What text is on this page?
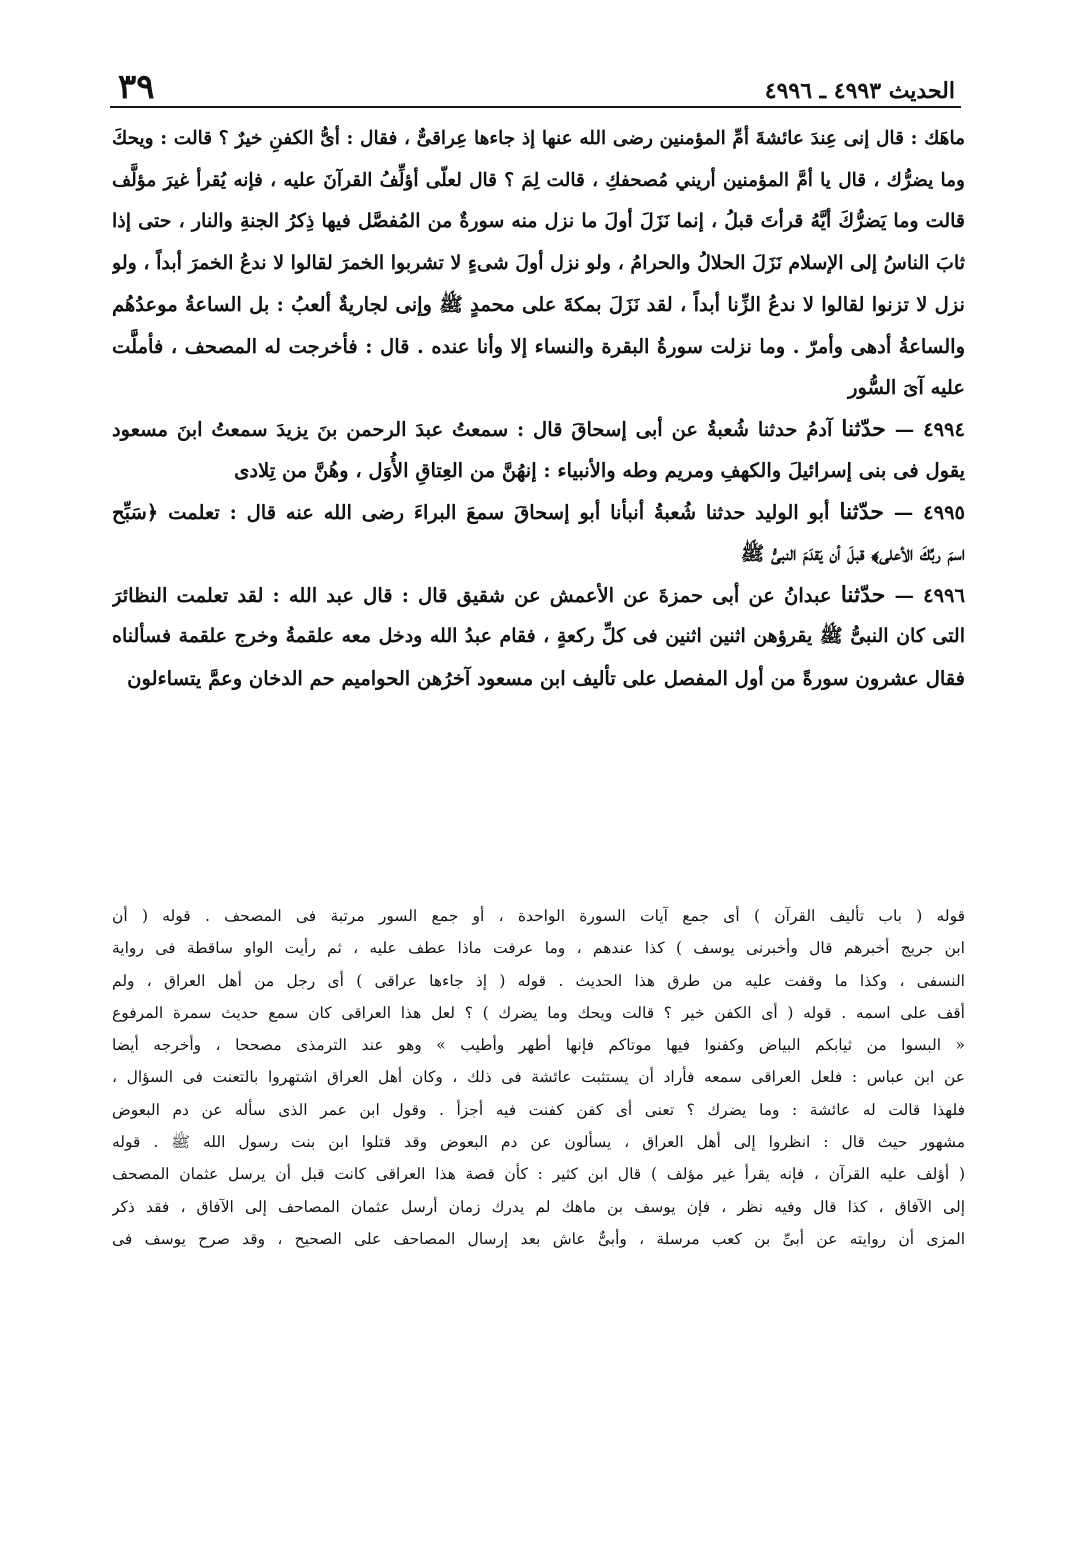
الحديث ٤٩٩٣ ـ ٤٩٩٦
٣٩
ماهَك : قال إنى عِندَ عائشةَ أمِّ المؤمنين رضى الله عنها إذ جاءها عِراقىٌّ ، فقال : أىُّ الكفنِ خيرٌ ؟ قالت : ويحكَ
وما يضرُّك ، قال يا أمَّ المؤمنين أريني مُصحفكِ ، قالت لِمَ ؟ قال لعلّى أؤلِّفُ القرآنَ عليه ، فإنه يُقرأ غيرَ مؤلَّف
قالت وما يَضرُّكَ أيَّهُ قرأتَ قبلُ ، إنما نَزَلَ أولَ ما نزل منه سورةٌ من المُفصَّل فيها ذِكرُ الجنةِ والنار ، حتى إذا
ثابَ الناسُ إلى الإسلام نَزَلَ الحلالُ والحرامُ ، ولو نزل أولَ شىءٍ لا تشربوا الخمرَ لقالوا لا ندعُ الخمرَ أبداً ، ولو
نزل لا تزنوا لقالوا لا ندعُ الزِّنا أبداً ، لقد نَزَلَ بمكةَ على محمدٍ ﷺ وإنى لجاريةٌ ألعبُ : بل الساعةُ موعدُهُم
والساعةُ أدهى وأمرّ . وما نزلت سورةُ البقرة والنساء إلا وأنا عنده . قال : فأخرجت له المصحف ، فأملَّت
عليه آىَ السُّور
٤٩٩٤ — حدّثنا آدمُ حدثنا شُعبةُ عن أبى إسحاقَ قال : سمعتُ عبدَ الرحمن بنَ يزيدَ سمعتُ ابنَ مسعود
يقول فى بنى إسرائيلَ والكهفِ ومريم وطه والأنبياء : إنهُنَّ من العِتاقِ الأُوَل ، وهُنَّ من تِلادى
٤٩٩٥ — حدّثنا أبو الوليد حدثنا شُعبةُ أنبأنا أبو إسحاقَ سمعَ البراءَ رضى الله عنه قال : تعلمت ﴿سَبِّح
اسمَ ربِّكَ الأعلى﴾ قبلَ أن يَقدَمَ النبىُّ ﷺ
٤٩٩٦ — حدّثنا عبدانُ عن أبى حمزةَ عن الأعمش عن شقيق قال : قال عبد الله : لقد تعلمت النظائرَ
التى كان النبىُّ ﷺ يقرؤهن اثنين اثنين فى كلِّ ركعةٍ ، فقام عبدُ الله ودخل معه علقمةُ وخرج علقمة فسألناه
فقال عشرون سورةً من أول المفصل على تأليف ابن مسعود آخرُهن الحواميم حم الدخان وعمَّ يتساءلون
قوله ( باب تأليف القرآن ) أى جمع آيات السورة الواحدة ، أو جمع السور مرتبة فى المصحف . قوله ( أن
ابن جريج أخبرهم قال وأخبرنى يوسف ) كذا عندهم ، وما عرفت ماذا عطف عليه ، ثم رأيت الواو ساقطة فى رواية
النسفى ، وكذا ما وقفت عليه من طرق هذا الحديث . قوله ( إذ جاءها عراقى ) أى رجل من أهل العراق ، ولم
أقف على اسمه . قوله ( أى الكفن خير ؟ قالت ويحك وما يضرك ) ؟ لعل هذا العراقى كان سمع حديث سمرة المرفوع
« البسوا من ثيابكم البياض وكفنوا فيها موتاكم فإنها أطهر وأطيب » وهو عند الترمذى مصححا ، وأخرجه أيضا
عن ابن عباس : فلعل العراقى سمعه فأراد أن يستثبت عائشة فى ذلك ، وكان أهل العراق اشتهروا بالتعنت فى السؤال ،
فلهذا قالت له عائشة : وما يضرك ؟ تعنى أى كفن كفنت فيه أجزأ . وقول ابن عمر الذى سأله عن دم البعوض
مشهور حيث قال : انظروا إلى أهل العراق ، يسألون عن دم البعوض وقد قتلوا ابن بنت رسول الله ﷺ . قوله
( أؤلف عليه القرآن ، فإنه يقرأ غير مؤلف ) قال ابن كثير : كأن قصة هذا العراقى كانت قبل أن يرسل عثمان المصحف
إلى الآفاق ، كذا قال وفيه نظر ، فإن يوسف بن ماهك لم يدرك زمان أرسل عثمان المصاحف إلى الآفاق ، فقد ذكر
المزى أن روايته عن أبىِّ بن كعب مرسلة ، وأبىٌّ عاش بعد إرسال المصاحف على الصحيح ، وقد صرح يوسف فى
